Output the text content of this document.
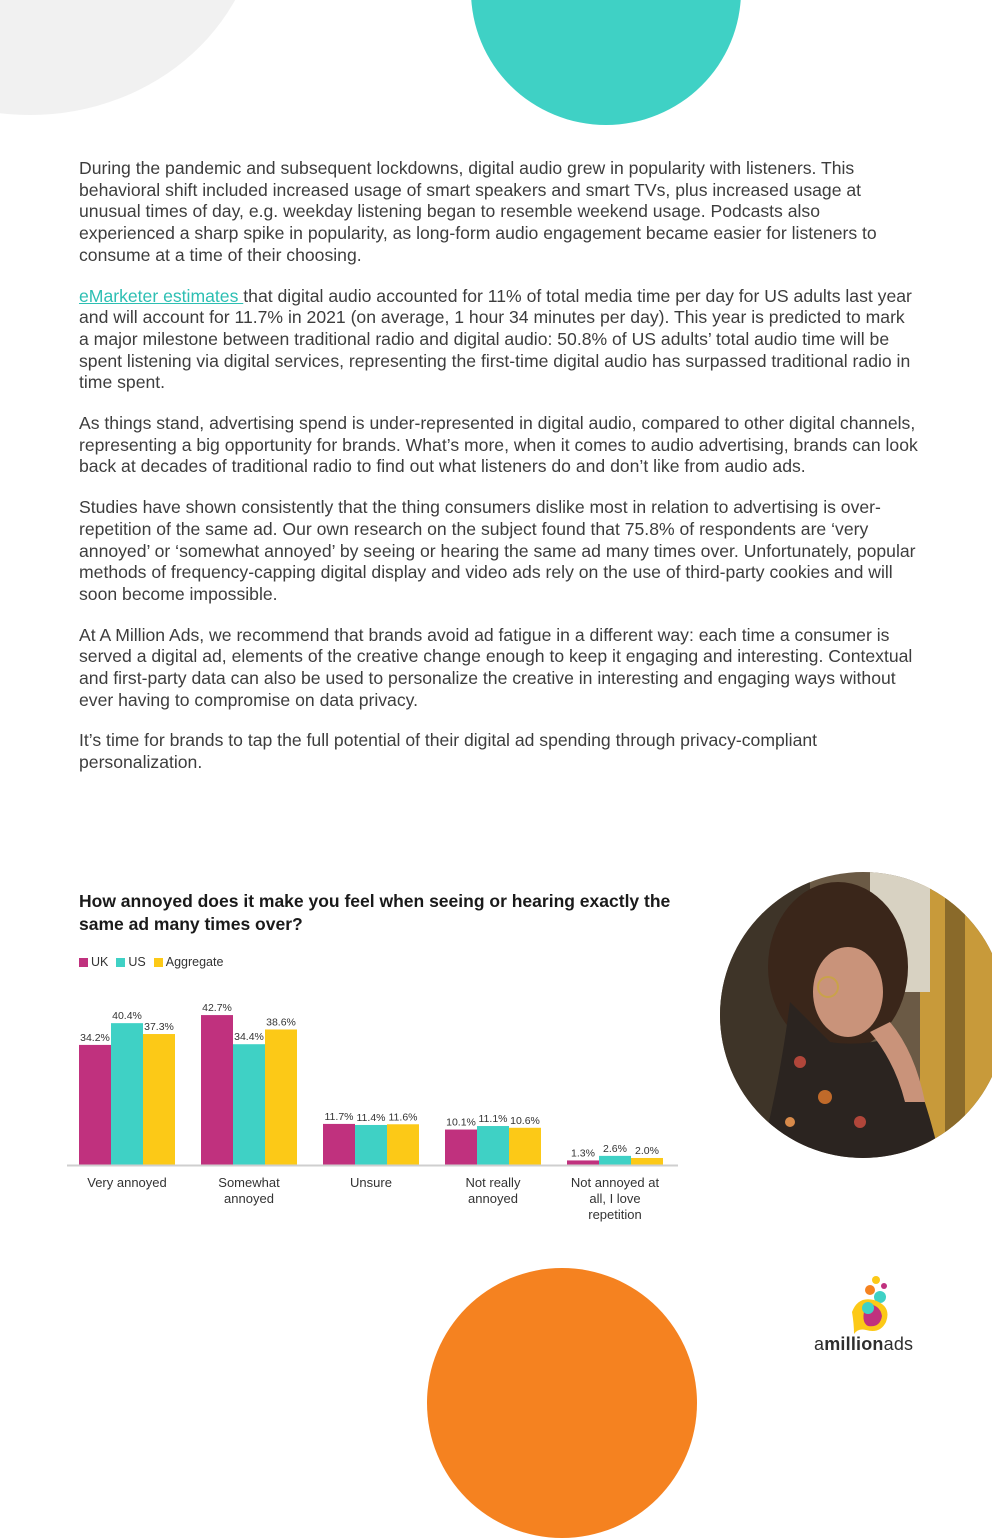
During the pandemic and subsequent lockdowns, digital audio grew in popularity with listeners. This behavioral shift included increased usage of smart speakers and smart TVs, plus increased usage at unusual times of day, e.g. weekday listening began to resemble weekend usage. Podcasts also experienced a sharp spike in popularity, as long-form audio engagement became easier for listeners to consume at a time of their choosing.

eMarketer estimates that digital audio accounted for 11% of total media time per day for US adults last year and will account for 11.7% in 2021 (on average, 1 hour 34 minutes per day). This year is predicted to mark a major milestone between traditional radio and digital audio: 50.8% of US adults’ total audio time will be spent listening via digital services, representing the first-time digital audio has surpassed traditional radio in time spent.

As things stand, advertising spend is under-represented in digital audio, compared to other digital channels, representing a big opportunity for brands. What’s more, when it comes to audio advertising, brands can look back at decades of traditional radio to find out what listeners do and don’t like from audio ads.

Studies have shown consistently that the thing consumers dislike most in relation to advertising is over-repetition of the same ad. Our own research on the subject found that 75.8% of respondents are ‘very annoyed’ or ‘somewhat annoyed’ by seeing or hearing the same ad many times over. Unfortunately, popular methods of frequency-capping digital display and video ads rely on the use of third-party cookies and will soon become impossible.

At A Million Ads, we recommend that brands avoid ad fatigue in a different way: each time a consumer is served a digital ad, elements of the creative change enough to keep it engaging and interesting. Contextual and first-party data can also be used to personalize the creative in interesting and engaging ways without ever having to compromise on data privacy.

It’s time for brands to tap the full potential of their digital ad spending through privacy-compliant personalization.

How annoyed does it make you feel when seeing or hearing exactly the same ad many times over?
UK US Aggregate
34.2%
40.4%
37.3%
Very annoyed
42.7%
34.4%
38.6%
Somewhat
annoyed
11.7% 11.4% 11.6%
Unsure
10.1% 11.1% 10.6%
Not really
annoyed
1.3% 2.6% 2.0%
Not annoyed at
all, I love
repetition
amillionads
